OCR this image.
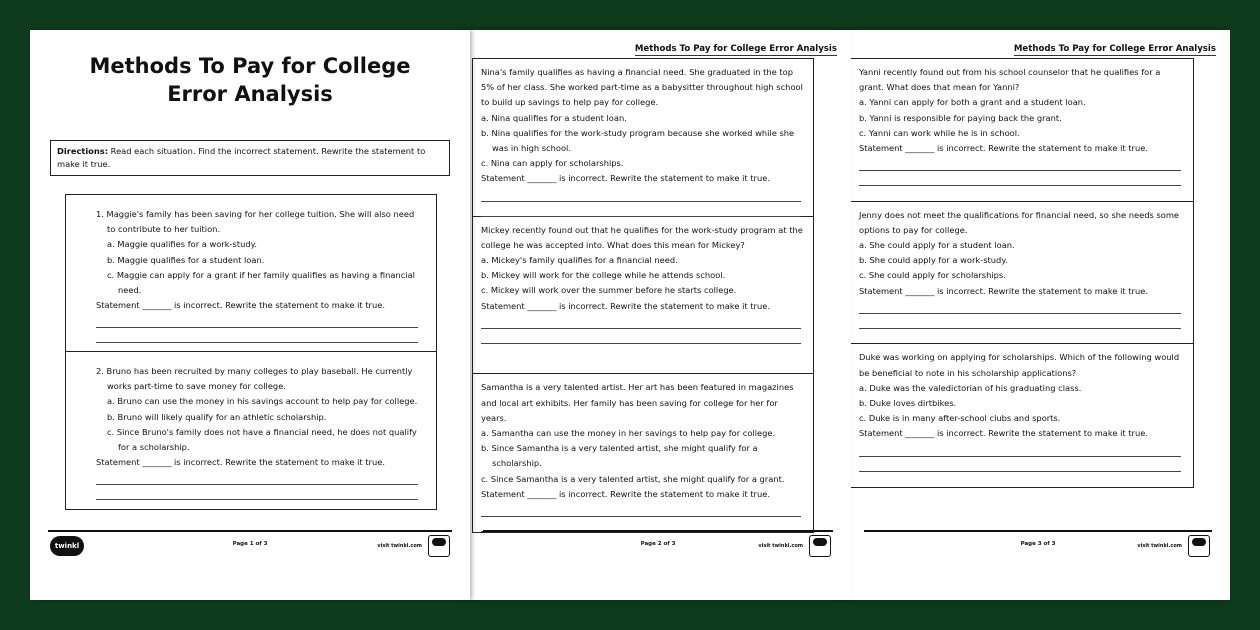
Methods To Pay for College
Error Analysis
Directions: Read each situation. Find the incorrect statement. Rewrite the statement to make it true.
1. Maggie's family has been saving for her college tuition. She will also need to contribute to her tuition.
a. Maggie qualifies for a work-study.
b. Maggie qualifies for a student loan.
c. Maggie can apply for a grant if her family qualifies as having a financial need.
Statement _______ is incorrect. Rewrite the statement to make it true.
2. Bruno has been recruited by many colleges to play baseball. He currently works part-time to save money for college.
a. Bruno can use the money in his savings account to help pay for college.
b. Bruno will likely qualify for an athletic scholarship.
c. Since Bruno's family does not have a financial need, he does not qualify for a scholarship.
Statement _______ is incorrect. Rewrite the statement to make it true.
twinkl	Page 1 of 3	visit twinkl.com
Methods To Pay for College Error Analysis
Nina's family qualifies as having a financial need. She graduated in the top 5% of her class. She worked part-time as a babysitter throughout high school to build up savings to help pay for college.
a. Nina qualifies for a student loan.
b. Nina qualifies for the work-study program because she worked while she was in high school.
c. Nina can apply for scholarships.
Statement _______ is incorrect. Rewrite the statement to make it true.
Mickey recently found out that he qualifies for the work-study program at the college he was accepted into. What does this mean for Mickey?
a. Mickey's family qualifies for a financial need.
b. Mickey will work for the college while he attends school.
c. Mickey will work over the summer before he starts college.
Statement _______ is incorrect. Rewrite the statement to make it true.
Samantha is a very talented artist. Her art has been featured in magazines and local art exhibits. Her family has been saving for college for her for years.
a. Samantha can use the money in her savings to help pay for college.
b. Since Samantha is a very talented artist, she might qualify for a scholarship.
c. Since Samantha is a very talented artist, she might qualify for a grant.
Statement _______ is incorrect. Rewrite the statement to make it true.
Page 2 of 3	visit twinkl.com
Methods To Pay for College Error Analysis
Yanni recently found out from his school counselor that he qualifies for a grant. What does that mean for Yanni?
a. Yanni can apply for both a grant and a student loan.
b. Yanni is responsible for paying back the grant.
c. Yanni can work while he is in school.
Statement _______ is incorrect. Rewrite the statement to make it true.
Jenny does not meet the qualifications for financial need, so she needs some options to pay for college.
a. She could apply for a student loan.
b. She could apply for a work-study.
c. She could apply for scholarships.
Statement _______ is incorrect. Rewrite the statement to make it true.
Duke was working on applying for scholarships. Which of the following would be beneficial to note in his scholarship applications?
a. Duke was the valedictorian of his graduating class.
b. Duke loves dirtbikes.
c. Duke is in many after-school clubs and sports.
Statement _______ is incorrect. Rewrite the statement to make it true.
Page 3 of 3	visit twinkl.com
